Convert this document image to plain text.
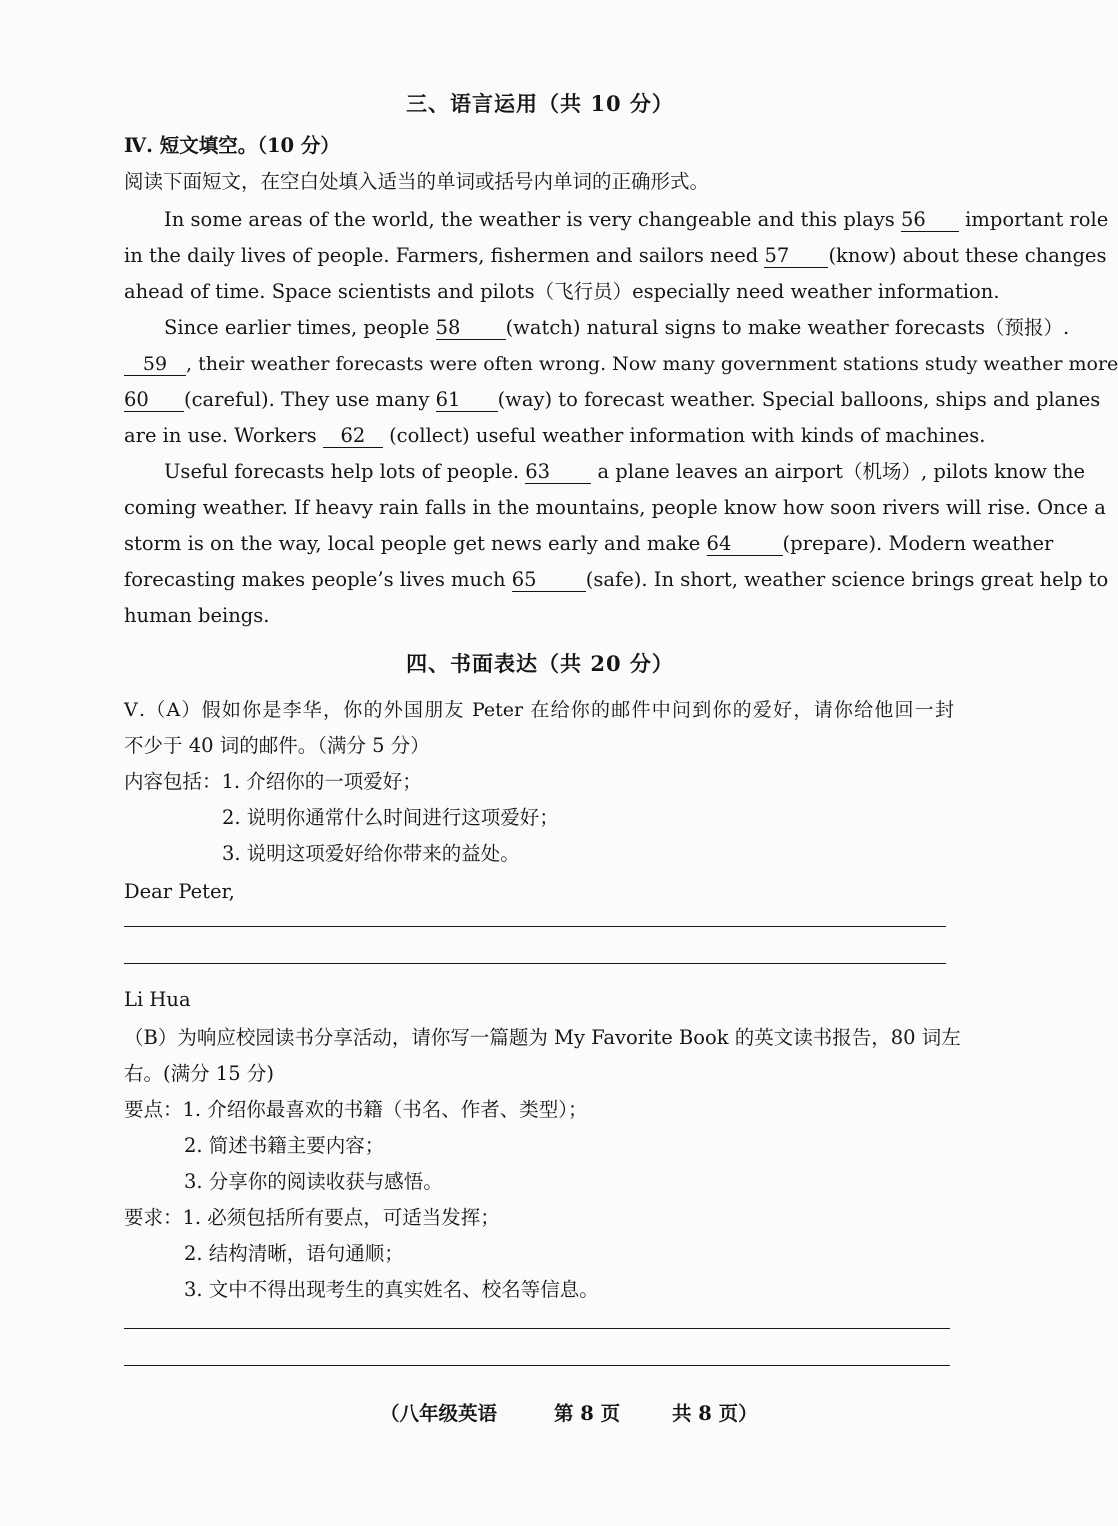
三、语言运用（共 10 分）
Ⅳ. 短文填空。（10 分）
阅读下面短文，在空白处填入适当的单词或括号内单词的正确形式。
In some areas of the world, the weather is very changeable and this plays 56 important role
in the daily lives of people. Farmers, fishermen and sailors need 57 (know) about these changes
ahead of time. Space scientists and pilots（飞行员）especially need weather information.
Since earlier times, people 58 (watch) natural signs to make weather forecasts（预报）.
59 , their weather forecasts were often wrong. Now many government stations study weather more
60 (careful). They use many 61 (way) to forecast weather. Special balloons, ships and planes
are in use. Workers 62 (collect) useful weather information with kinds of machines.
Useful forecasts help lots of people. 63 a plane leaves an airport（机场）, pilots know the
coming weather. If heavy rain falls in the mountains, people know how soon rivers will rise. Once a
storm is on the way, local people get news early and make 64	(prepare). Modern weather
forecasting makes people’s lives much 65	(safe). In short, weather science brings great help to
human beings.
四、书面表达（共 20 分）
Ⅴ.（A）假如你是李华，你的外国朋友 Peter 在给你的邮件中问到你的爱好，请你给他回一封
不少于 40 词的邮件。（满分 5 分）
内容包括：1. 介绍你的一项爱好；
2. 说明你通常什么时间进行这项爱好；
3. 说明这项爱好给你带来的益处。
Dear Peter,
Li Hua
（B）为响应校园读书分享活动，请你写一篇题为 My Favorite Book 的英文读书报告，80 词左
右。(满分 15 分)
要点：1. 介绍你最喜欢的书籍（书名、作者、类型）；
2. 简述书籍主要内容；
3. 分享你的阅读收获与感悟。
要求：1. 必须包括所有要点，可适当发挥；
2. 结构清晰，语句通顺；
3. 文中不得出现考生的真实姓名、校名等信息。
（八年级英语	第 8 页	共 8 页）
